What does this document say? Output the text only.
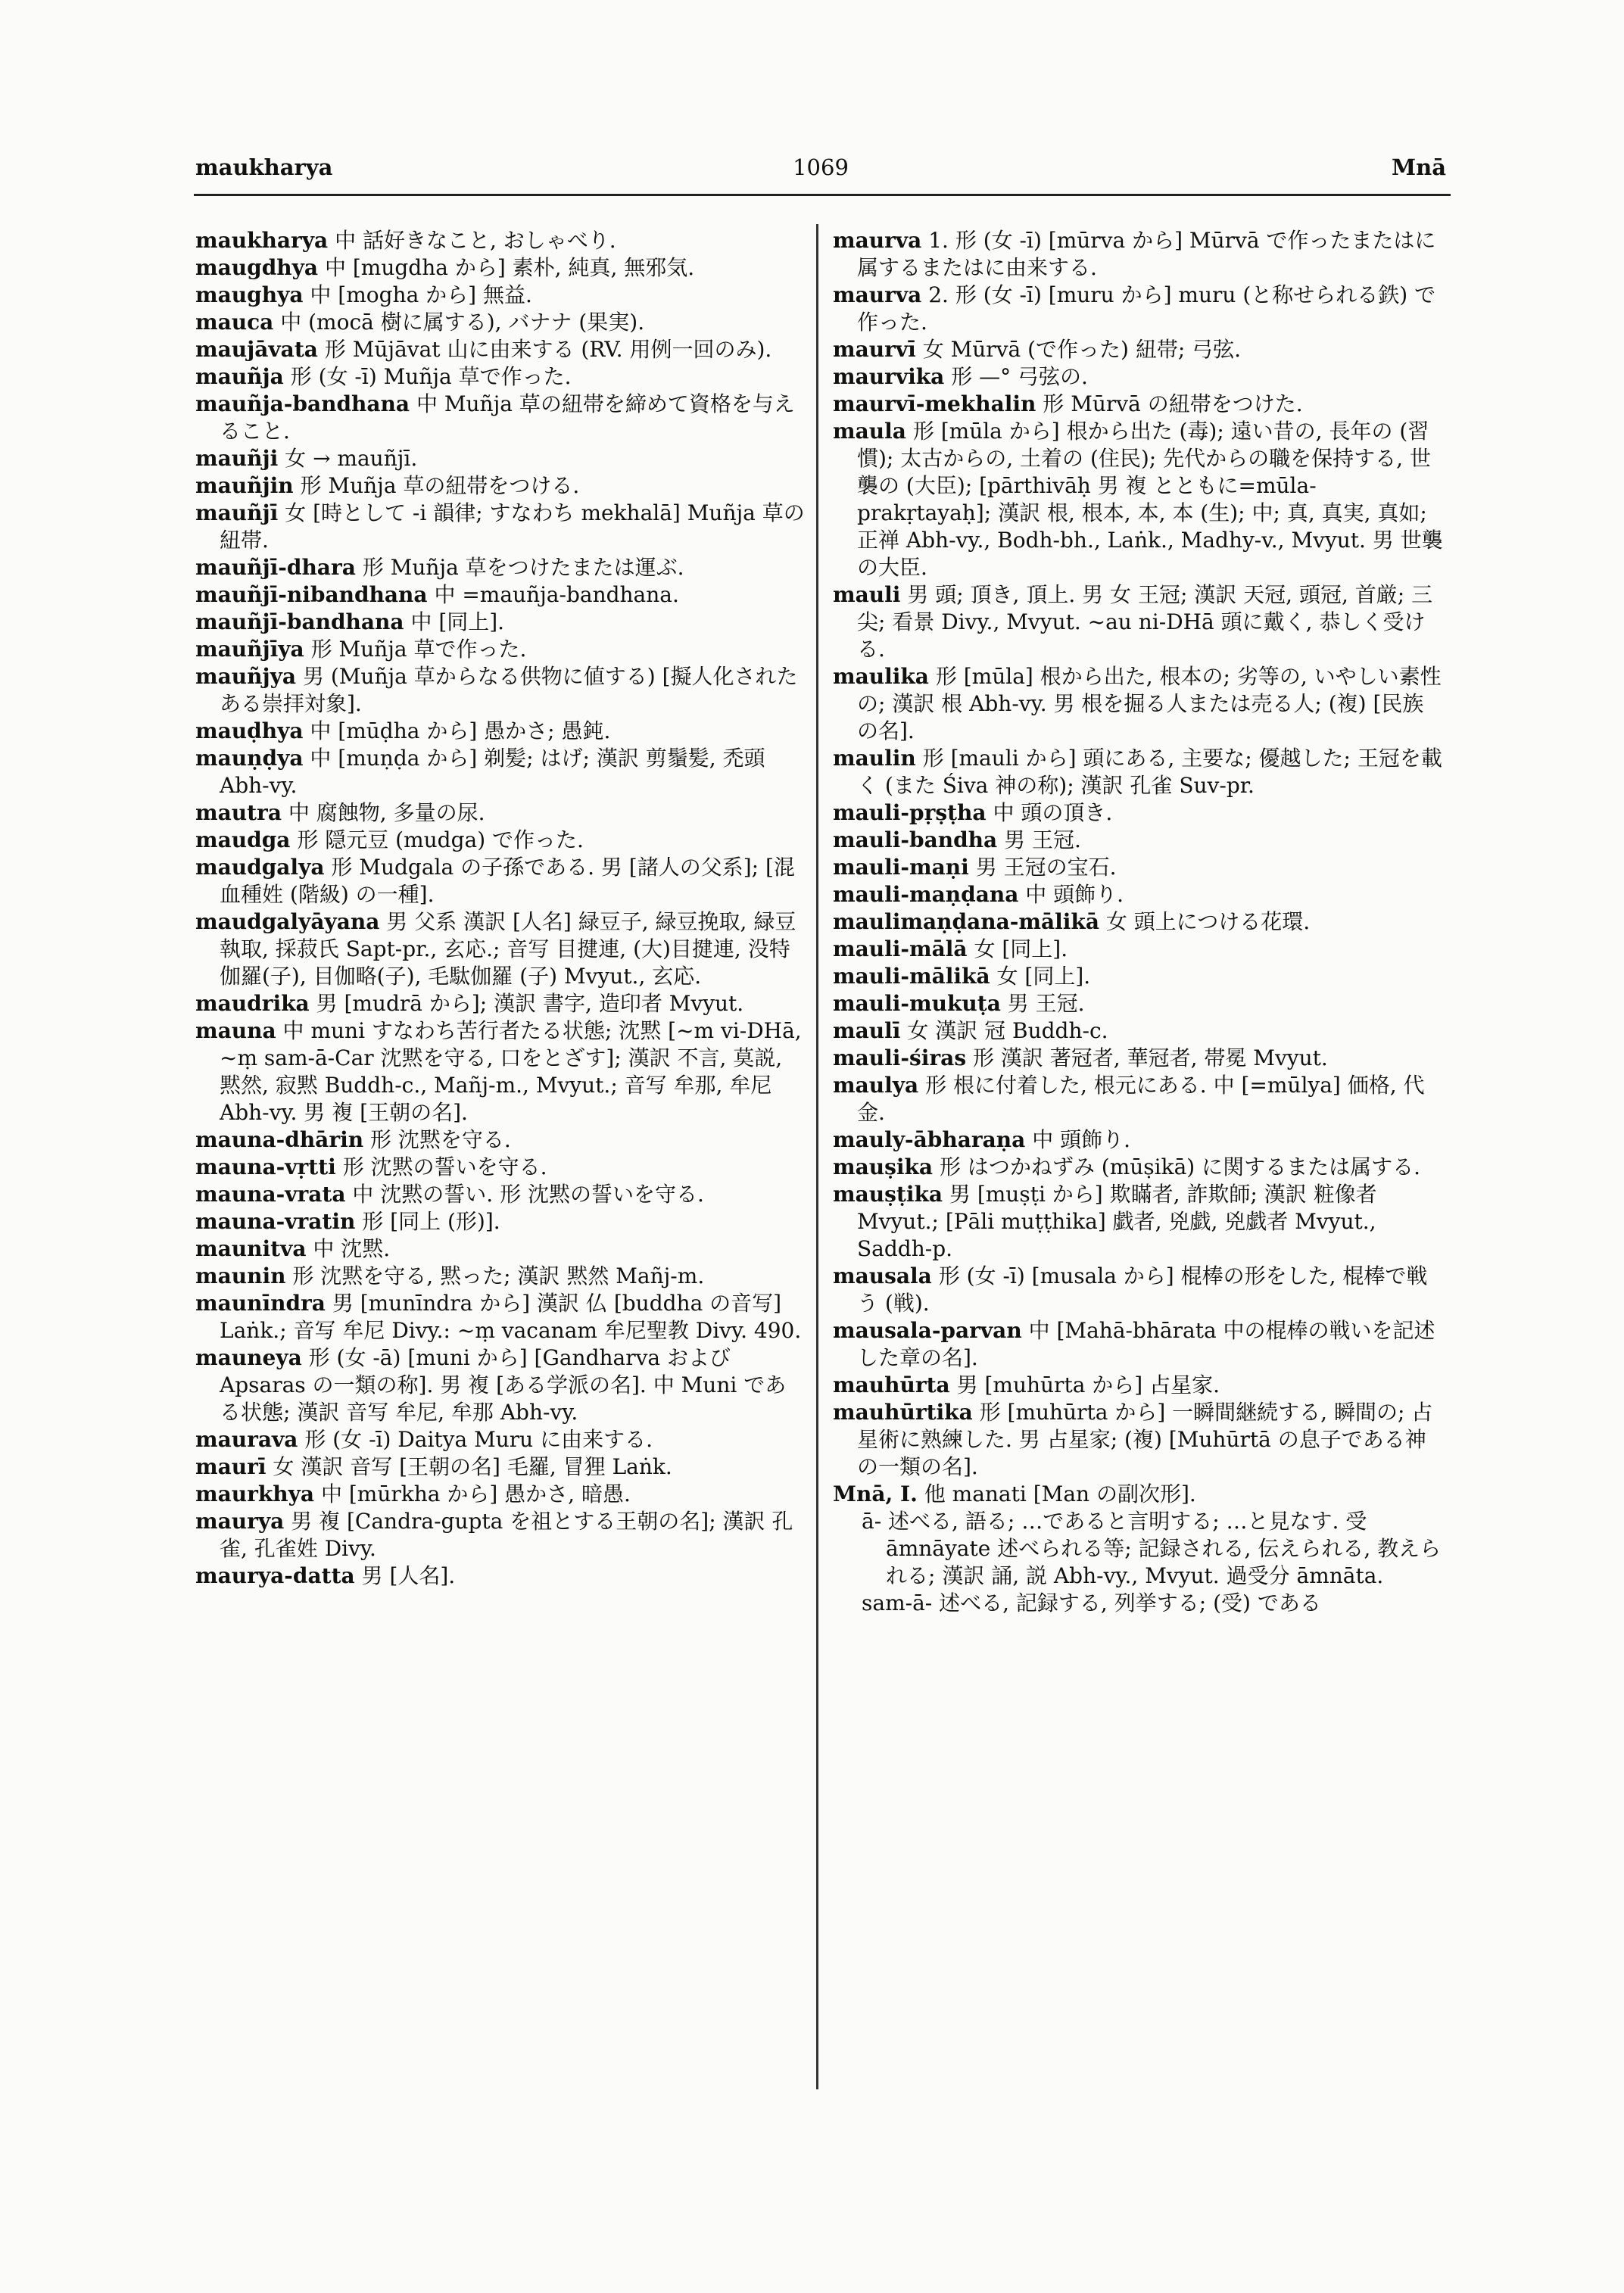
maukharya	1069	Mnā
maukharya 中 話好きなこと, おしゃべり.
maugdhya 中 [mugdha から] 素朴, 純真, 無邪気.
maughya 中 [mogha から] 無益.
mauca 中 (mocā 樹に属する), バナナ (果実).
maujāvata 形 Mūjāvat 山に由来する (RV. 用例一回のみ).
mauñja 形 (女 -ī) Muñja 草で作った.
mauñja-bandhana 中 Muñja 草の紐帯を締めて資格を与えること.
mauñji 女 → mauñjī.
mauñjin 形 Muñja 草の紐帯をつける.
mauñjī 女 [時として -i 韻律; すなわち mekhalā] Muñja 草の紐帯.
mauñjī-dhara 形 Muñja 草をつけたまたは運ぶ.
mauñjī-nibandhana 中 =mauñja-bandhana.
mauñjī-bandhana 中 [同上].
mauñjīya 形 Muñja 草で作った.
mauñjya 男 (Muñja 草からなる供物に値する) [擬人化されたある崇拝対象].
mauḍhya 中 [mūḍha から] 愚かさ; 愚鈍.
mauṇḍya 中 [muṇḍa から] 剃髪; はげ; 漢訳 剪鬚髪, 禿頭 Abh-vy.
mautra 中 腐蝕物, 多量の尿.
maudga 形 隠元豆 (mudga) で作った.
maudgalya 形 Mudgala の子孫である. 男 [諸人の父系]; [混血種姓 (階級) の一種].
maudgalyāyana 男 父系 漢訳 [人名] 緑豆子, 緑豆挽取, 緑豆執取, 採菽氏 Sapt-pr., 玄応.; 音写 目揵連, (大)目揵連, 没特伽羅(子), 目伽略(子), 毛駄伽羅 (子) Mvyut., 玄応.
maudrika 男 [mudrā から]; 漢訳 書字, 造印者 Mvyut.
mauna 中 muni すなわち苦行者たる状態; 沈黙 [~m vi-DHā, ~ṃ sam-ā-Car 沈黙を守る, 口をとざす]; 漢訳 不言, 莫説, 黙然, 寂黙 Buddh-c., Mañj-m., Mvyut.; 音写 牟那, 牟尼 Abh-vy. 男 複 [王朝の名].
mauna-dhārin 形 沈黙を守る.
mauna-vṛtti 形 沈黙の誓いを守る.
mauna-vrata 中 沈黙の誓い. 形 沈黙の誓いを守る.
mauna-vratin 形 [同上 (形)].
maunitva 中 沈黙.
maunin 形 沈黙を守る, 黙った; 漢訳 黙然 Mañj-m.
maunīndra 男 [munīndra から] 漢訳 仏 [buddha の音写] Laṅk.; 音写 牟尼 Divy.: ~ṃ vacanam 牟尼聖教 Divy. 490.
mauneya 形 (女 -ā) [muni から] [Gandharva および Apsaras の一類の称]. 男 複 [ある学派の名]. 中 Muni である状態; 漢訳 音写 牟尼, 牟那 Abh-vy.
maurava 形 (女 -ī) Daitya Muru に由来する.
maurī 女 漢訳 音写 [王朝の名] 毛羅, 冒狸 Laṅk.
maurkhya 中 [mūrkha から] 愚かさ, 暗愚.
maurya 男 複 [Candra-gupta を祖とする王朝の名]; 漢訳 孔雀, 孔雀姓 Divy.
maurya-datta 男 [人名].
maurva 1. 形 (女 -ī) [mūrva から] Mūrvā で作ったまたはに属するまたはに由来する.
maurva 2. 形 (女 -ī) [muru から] muru (と称せられる鉄) で作った.
maurvī 女 Mūrvā (で作った) 紐帯; 弓弦.
maurvika 形 —° 弓弦の.
maurvī-mekhalin 形 Mūrvā の紐帯をつけた.
maula 形 [mūla から] 根から出た (毒); 遠い昔の, 長年の (習慣); 太古からの, 土着の (住民); 先代からの職を保持する, 世襲の (大臣); [pārthivāḥ 男 複 とともに=mūla-prakṛtayaḥ]; 漢訳 根, 根本, 本, 本 (生); 中; 真, 真実, 真如; 正禅 Abh-vy., Bodh-bh., Laṅk., Madhy-v., Mvyut. 男 世襲の大臣.
mauli 男 頭; 頂き, 頂上. 男 女 王冠; 漢訳 天冠, 頭冠, 首厳; 三尖; 看景 Divy., Mvyut. ~au ni-DHā 頭に戴く, 恭しく受ける.
maulika 形 [mūla] 根から出た, 根本の; 劣等の, いやしい素性の; 漢訳 根 Abh-vy. 男 根を掘る人または売る人; (複) [民族の名].
maulin 形 [mauli から] 頭にある, 主要な; 優越した; 王冠を載く (また Śiva 神の称); 漢訳 孔雀 Suv-pr.
mauli-pṛṣṭha 中 頭の頂き.
mauli-bandha 男 王冠.
mauli-maṇi 男 王冠の宝石.
mauli-maṇḍana 中 頭飾り.
maulimaṇḍana-mālikā 女 頭上につける花環.
mauli-mālā 女 [同上].
mauli-mālikā 女 [同上].
mauli-mukuṭa 男 王冠.
maulī 女 漢訳 冠 Buddh-c.
mauli-śiras 形 漢訳 著冠者, 華冠者, 帯冕 Mvyut.
maulya 形 根に付着した, 根元にある. 中 [=mūlya] 価格, 代金.
mauly-ābharaṇa 中 頭飾り.
mauṣika 形 はつかねずみ (mūṣikā) に関するまたは属する.
mauṣṭika 男 [muṣṭi から] 欺瞞者, 詐欺師; 漢訳 粧像者 Mvyut.; [Pāli muṭṭhika] 戯者, 兇戯, 兇戯者 Mvyut., Saddh-p.
mausala 形 (女 -ī) [musala から] 棍棒の形をした, 棍棒で戦う (戦).
mausala-parvan 中 [Mahā-bhārata 中の棍棒の戦いを記述した章の名].
mauhūrta 男 [muhūrta から] 占星家.
mauhūrtika 形 [muhūrta から] 一瞬間継続する, 瞬間の; 占星術に熟練した. 男 占星家; (複) [Muhūrtā の息子である神の一類の名].
Mnā, I. 他 manati [Man の副次形].
ā- 述べる, 語る; …であると言明する; …と見なす. 受 āmnāyate 述べられる等; 記録される, 伝えられる, 教えられる; 漢訳 誦, 説 Abh-vy., Mvyut. 過受分 āmnāta.
sam-ā- 述べる, 記録する, 列挙する; (受) である
